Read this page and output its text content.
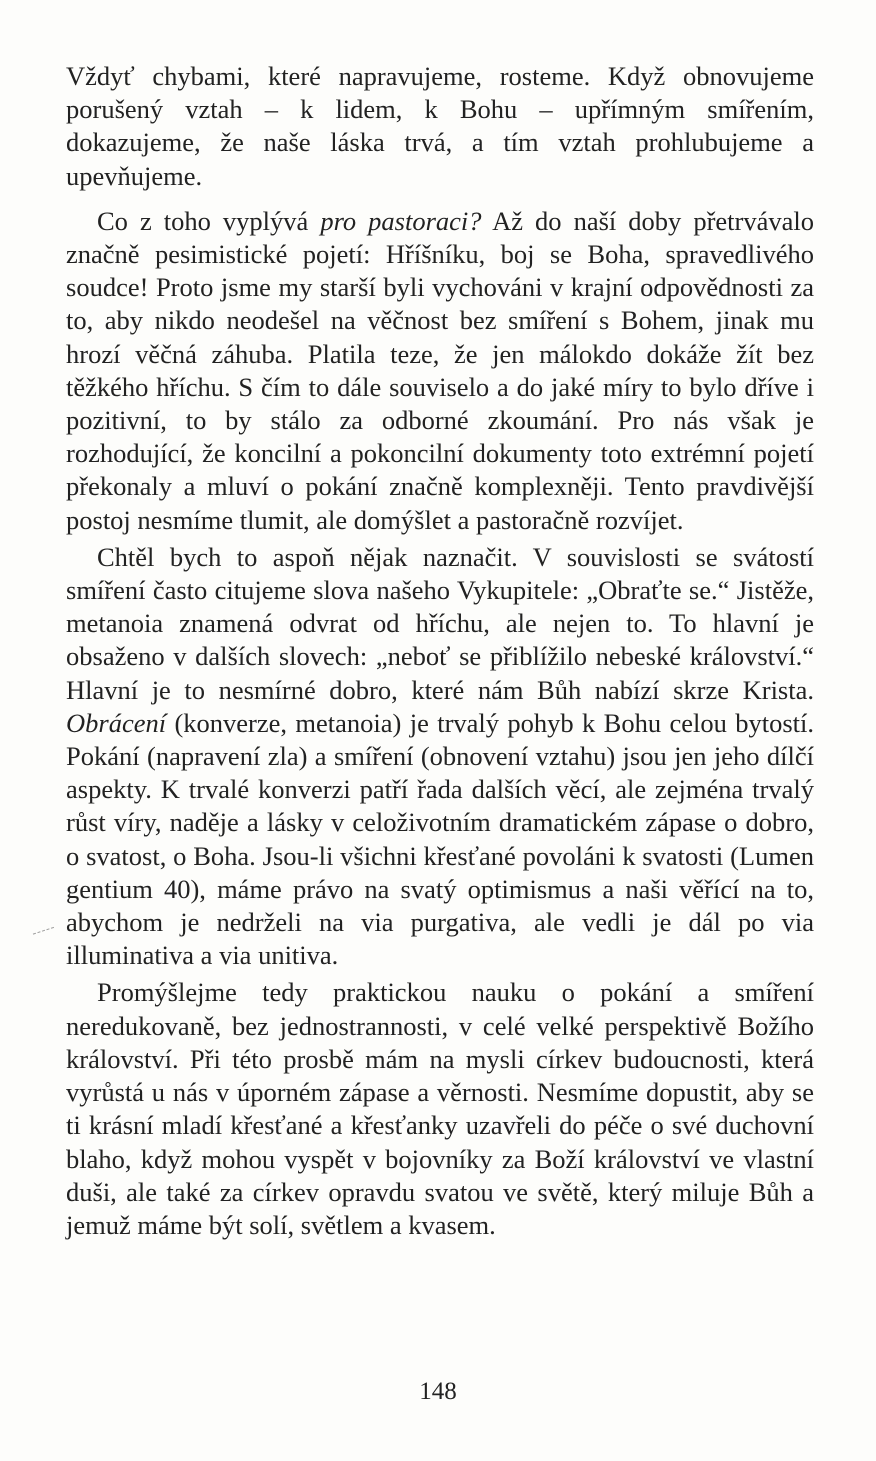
Vždyť chybami, které napravujeme, rosteme. Když obnovujeme porušený vztah – k lidem, k Bohu – upřímným smířením, dokazujeme, že naše láska trvá, a tím vztah prohlubujeme a upevňujeme.

Co z toho vyplývá pro pastoraci? Až do naší doby přetrvávalo značně pesimistické pojetí: Hříšníku, boj se Boha, spravedlivého soudce! Proto jsme my starší byli vychováni v krajní odpovědnosti za to, aby nikdo neodešel na věčnost bez smíření s Bohem, jinak mu hrozí věčná záhuba. Platila teze, že jen málokdo dokáže žít bez těžkého hříchu. S čím to dále souviselo a do jaké míry to bylo dříve i pozitivní, to by stálo za odborné zkoumání. Pro nás však je rozhodující, že koncilní a pokoncilní dokumenty toto extrémní pojetí překonaly a mluví o pokání značně komplexněji. Tento pravdivější postoj nesmíme tlumit, ale domýšlet a pastoračně rozvíjet.

Chtěl bych to aspoň nějak naznačit. V souvislosti se svátostí smíření často citujeme slova našeho Vykupitele: „Obraťte se.“ Jistěže, metanoia znamená odvrat od hříchu, ale nejen to. To hlavní je obsaženo v dalších slovech: „neboť se přiblížilo nebeské království.“ Hlavní je to nesmírné dobro, které nám Bůh nabízí skrze Krista. Obrácení (konverze, metanoia) je trvalý pohyb k Bohu celou bytostí. Pokání (napravení zla) a smíření (obnovení vztahu) jsou jen jeho dílčí aspekty. K trvalé konverzi patří řada dalších věcí, ale zejména trvalý růst víry, naděje a lásky v celoživotním dramatickém zápase o dobro, o svatost, o Boha. Jsou-li všichni křesťané povoláni k svatosti (Lumen gentium 40), máme právo na svatý optimismus a naši věřící na to, abychom je nedrželi na via purgativa, ale vedli je dál po via illuminativa a via unitiva.

Promýšlejme tedy praktickou nauku o pokání a smíření neredukovaně, bez jednostrannosti, v celé velké perspektivě Božího království. Při této prosbě mám na mysli církev budoucnosti, která vyrůstá u nás v úporném zápase a věrnosti. Nesmíme dopustit, aby se ti krásní mladí křesťané a křesťanky uzavřeli do péče o své duchovní blaho, když mohou vyspět v bojovníky za Boží království ve vlastní duši, ale také za církev opravdu svatou ve světě, který miluje Bůh a jemuž máme být solí, světlem a kvasem.

148
